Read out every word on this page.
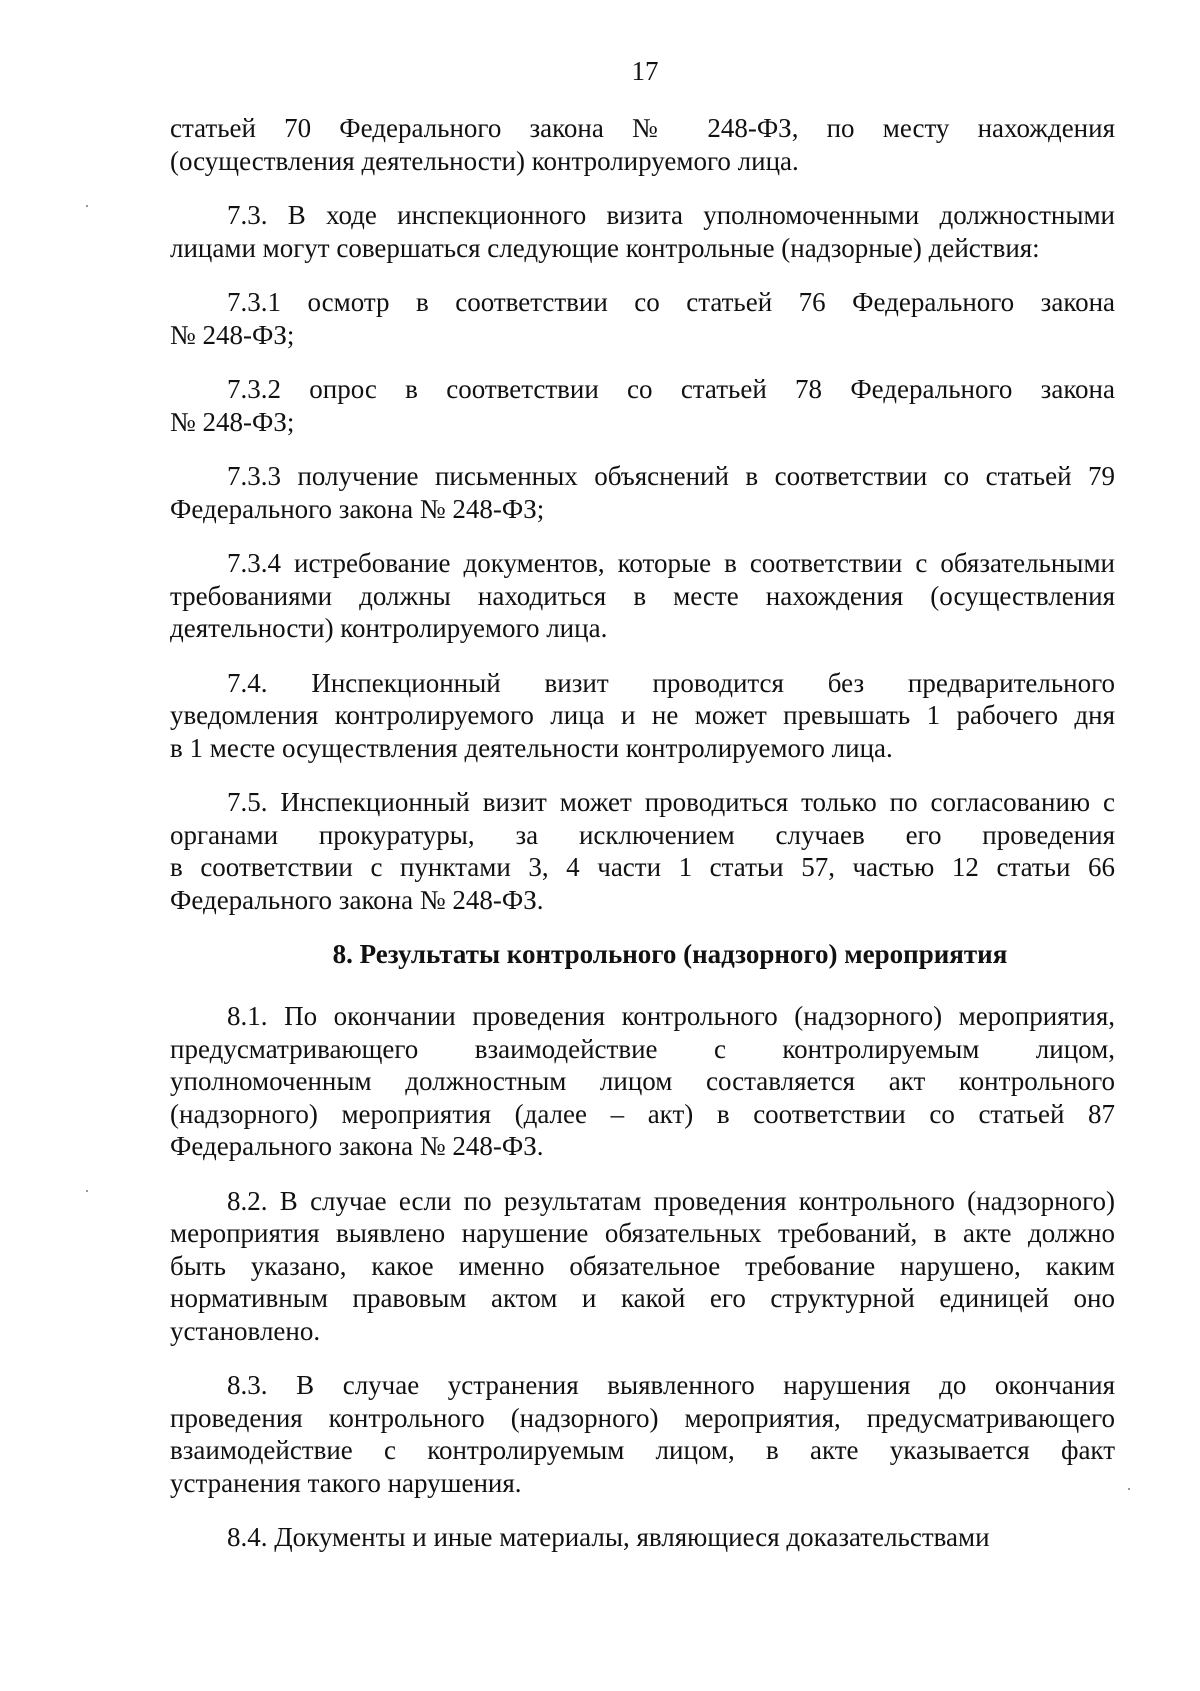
17
статьей 70 Федерального закона № 248-ФЗ, по месту нахождения
(осуществления деятельности) контролируемого лица.
7.3. В ходе инспекционного визита уполномоченными должностными
лицами могут совершаться следующие контрольные (надзорные) действия:
7.3.1 осмотр в соответствии со статьей 76 Федерального закона
№ 248-ФЗ;
7.3.2 опрос в соответствии со статьей 78 Федерального закона
№ 248-ФЗ;
7.3.3 получение письменных объяснений в соответствии со статьей 79
Федерального закона № 248-ФЗ;
7.3.4 истребование документов, которые в соответствии с обязательными
требованиями должны находиться в месте нахождения (осуществления
деятельности) контролируемого лица.
7.4. Инспекционный визит проводится без предварительного
уведомления контролируемого лица и не может превышать 1 рабочего дня
в 1 месте осуществления деятельности контролируемого лица.
7.5. Инспекционный визит может проводиться только по согласованию с
органами прокуратуры, за исключением случаев его проведения
в соответствии с пунктами 3, 4 части 1 статьи 57, частью 12 статьи 66
Федерального закона № 248-ФЗ.
8. Результаты контрольного (надзорного) мероприятия
8.1. По окончании проведения контрольного (надзорного) мероприятия,
предусматривающего взаимодействие с контролируемым лицом,
уполномоченным должностным лицом составляется акт контрольного
(надзорного) мероприятия (далее – акт) в соответствии со статьей 87
Федерального закона № 248-ФЗ.
8.2. В случае если по результатам проведения контрольного (надзорного)
мероприятия выявлено нарушение обязательных требований, в акте должно
быть указано, какое именно обязательное требование нарушено, каким
нормативным правовым актом и какой его структурной единицей оно
установлено.
8.3. В случае устранения выявленного нарушения до окончания
проведения контрольного (надзорного) мероприятия, предусматривающего
взаимодействие с контролируемым лицом, в акте указывается факт
устранения такого нарушения.
8.4. Документы и иные материалы, являющиеся доказательствами
